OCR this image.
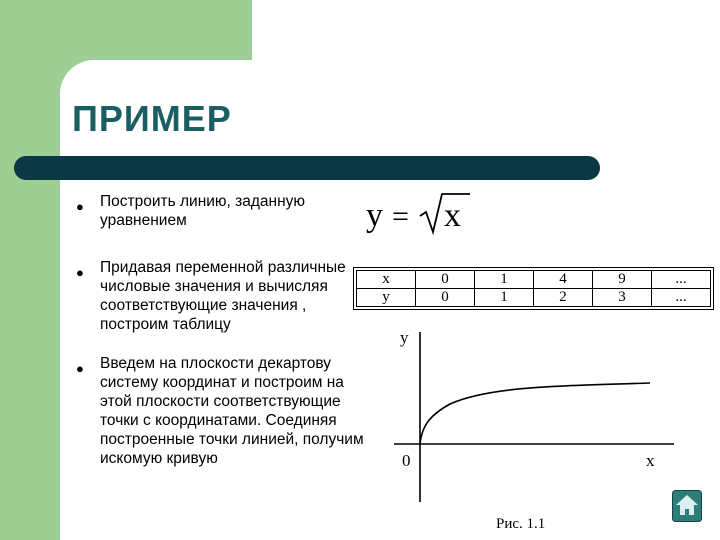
ПРИМЕР
● Построить линию, заданную уравнением

● Придавая переменной различные числовые значения и вычисляя соответствующие значения , построим таблицу

● Введем на плоскости декартову систему координат и построим на этой плоскости соответствующие точки с координатами. Соединяя построенные точки линией, получим искомую кривую

y = x
x	0	1	4	9	...
y	0	1	2	3	...
y
0	x
Рис. 1.1
